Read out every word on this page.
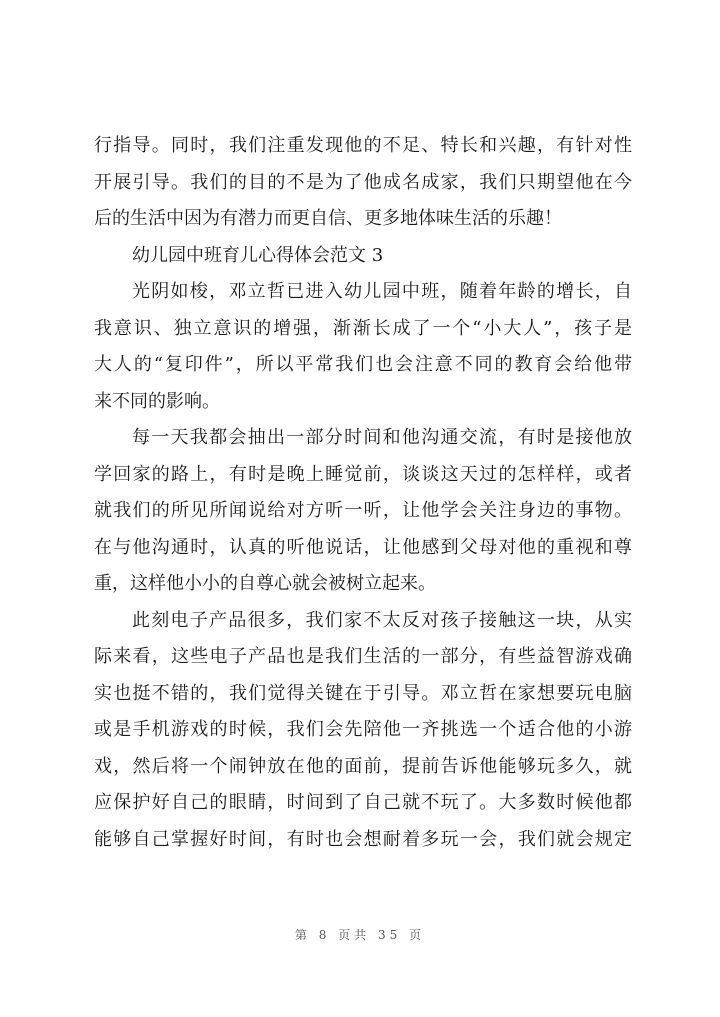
行指导。同时，我们注重发现他的不足、特长和兴趣，有针对性
开展引导。我们的目的不是为了他成名成家，我们只期望他在今
后的生活中因为有潜力而更自信、更多地体味生活的乐趣！
幼儿园中班育儿心得体会范文 3
光阴如梭，邓立哲已进入幼儿园中班，随着年龄的增长，自
我意识、独立意识的增强，渐渐长成了一个“小大人”，孩子是
大人的“复印件”，所以平常我们也会注意不同的教育会给他带
来不同的影响。
每一天我都会抽出一部分时间和他沟通交流，有时是接他放
学回家的路上，有时是晚上睡觉前，谈谈这天过的怎样样，或者
就我们的所见所闻说给对方听一听，让他学会关注身边的事物。
在与他沟通时，认真的听他说话，让他感到父母对他的重视和尊
重，这样他小小的自尊心就会被树立起来。
此刻电子产品很多，我们家不太反对孩子接触这一块，从实
际来看，这些电子产品也是我们生活的一部分，有些益智游戏确
实也挺不错的，我们觉得关键在于引导。邓立哲在家想要玩电脑
或是手机游戏的时候，我们会先陪他一齐挑选一个适合他的小游
戏，然后将一个闹钟放在他的面前，提前告诉他能够玩多久，就
应保护好自己的眼睛，时间到了自己就不玩了。大多数时候他都
能够自己掌握好时间，有时也会想耐着多玩一会，我们就会规定
第 8 页共 35 页
